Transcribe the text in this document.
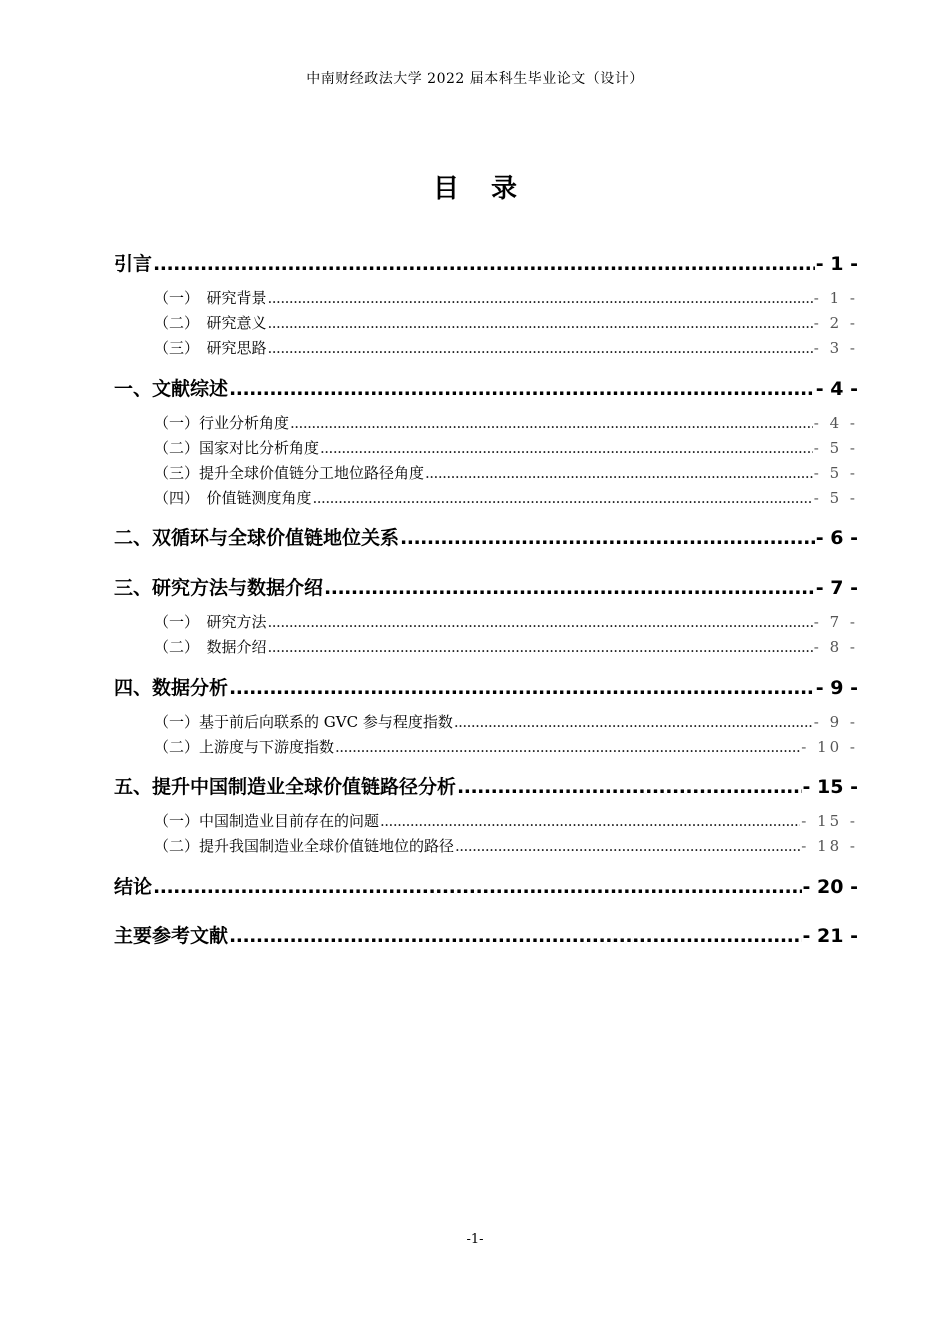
中南财经政法大学 2022 届本科生毕业论文（设计）
目 录
引言 .....	- 1 -
（一）　研究背景 .....	- 1 -
（二）　研究意义 .....	- 2 -
（三）　研究思路 .....	- 3 -
一、文献综述 .....	- 4 -
（一）行业分析角度 .....	- 4 -
（二）国家对比分析角度 .....	- 5 -
（三）提升全球价值链分工地位路径角度 .....	- 5 -
（四）　价值链测度角度 .....	- 5 -
二、双循环与全球价值链地位关系 .....	- 6 -
三、研究方法与数据介绍 .....	- 7 -
（一）　研究方法 .....	- 7 -
（二）　数据介绍 .....	- 8 -
四、数据分析 .....	- 9 -
（一）基于前后向联系的 GVC 参与程度指数 .....	- 9 -
（二）上游度与下游度指数 .....	- 10 -
五、提升中国制造业全球价值链路径分析 .....	- 15 -
（一）中国制造业目前存在的问题 .....	- 15 -
（二）提升我国制造业全球价值链地位的路径 .....	- 18 -
结论 .....	- 20 -
主要参考文献 .....	- 21 -
-1-
